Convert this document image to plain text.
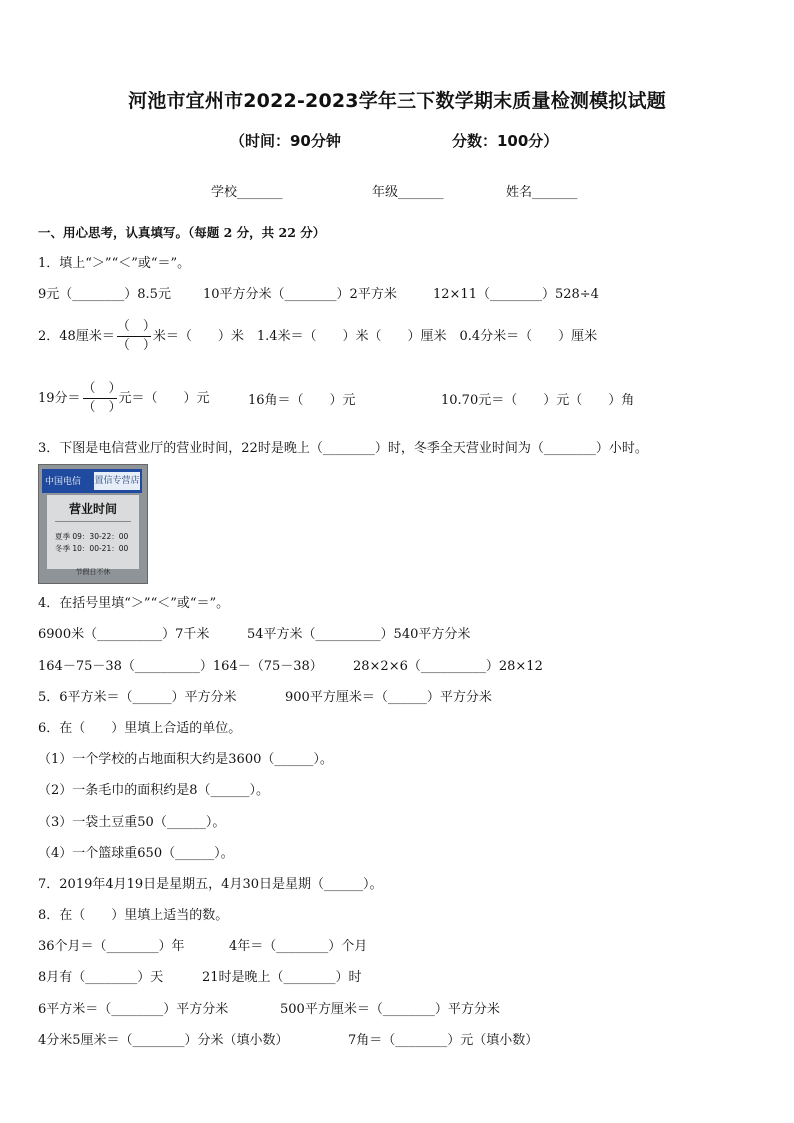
河池市宜州市2022-2023学年三下数学期末质量检测模拟试题
（时间：90分钟	分数：100分）
学校_______	年级_______	姓名_______
一、用心思考，认真填写。（每题 2 分，共 22 分）
1．填上“＞”“＜”或“＝”。
9元（________）8.5元 10平方分米（________）2平方米	12×11（________）528÷4
2．48厘米＝ $\frac{( )}{( )}$ 米＝（　　）米　1.4米＝（　　）米（　　）厘米　0.4分米＝（　　）厘米
19分＝ $\frac{( )}{( )}$ 元＝（　　）元	16角＝（　　）元	10.70元＝（　　）元（　　）角
3．下图是电信营业厅的营业时间，22时是晚上（________）时，冬季全天营业时间为（________）小时。
中国电信 置信专营店
营业时间
夏季 09：30-22：00
冬季 10：00-21：00
节假日不休
4．在括号里填“＞”“＜”或“＝”。
6900米（__________）7千米	54平方米（__________）540平方分米
164－75－38（__________）164－（75－38） 28×2×6（__________）28×12
5．6平方米＝（______）平方分米	900平方厘米＝（______）平方分米
6．在（　　）里填上合适的单位。
（1）一个学校的占地面积大约是3600（______）。
（2）一条毛巾的面积约是8（______）。
（3）一袋土豆重50（______）。
（4）一个篮球重650（______）。
7．2019年4月19日是星期五，4月30日是星期（______）。
8．在（　　）里填上适当的数。
36个月＝（________）年	4年＝（________）个月
8月有（________）天	21时是晚上（________）时
6平方米＝（________）平方分米	500平方厘米＝（________）平方分米
4分米5厘米＝（________）分米（填小数）	7角＝（________）元（填小数）
